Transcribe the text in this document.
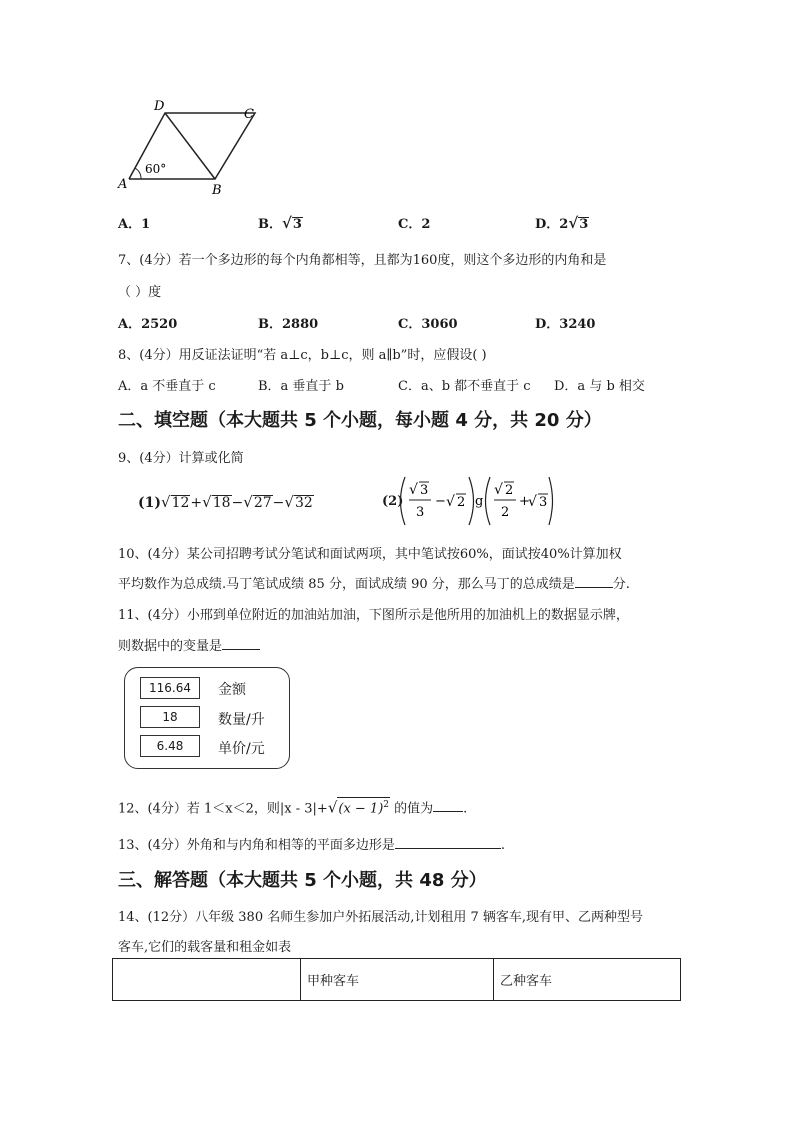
D
C
A	B
60°
A．1	B．√3	C．2	D．2√3
7、(4分）若一个多边形的每个内角都相等，且都为160度，则这个多边形的内角和是
（ ）度
A．2520	B．2880	C．3060	D．3240
8、(4分）用反证法证明“若 a⊥c，b⊥c，则 a∥b”时，应假设( )
A．a 不垂直于 c	B．a 垂直于 b	C．a、b 都不垂直于 c D．a 与 b 相交
二、填空题（本大题共 5 个小题，每小题 4 分，共 20 分）
9、(4分）计算或化简
(1)√12+√18−√27−√32	(2)
√ 3
3
− √ 2 g
√ 2
2
+
√ 3
10、(4分）某公司招聘考试分笔试和面试两项，其中笔试按60%，面试按40%计算加权
平均数作为总成绩.马丁笔试成绩 85 分，面试成绩 90 分，那么马丁的总成绩是	分.
11、(4分）小邢到单位附近的加油站加油，下图所示是他所用的加油机上的数据显示牌，
则数据中的变量是
116.64	金额
18	数量/升
6.48	单价/元
12、(4分）若 1＜x＜2，则$|x - 3|+√(x - 1)^2$ 的值为 .
13、(4分）外角和与内角和相等的平面多边形是	.
三、解答题（本大题共 5 个小题，共 48 分）
14、(12分）八年级 380 名师生参加户外拓展活动,计划租用 7 辆客车,现有甲、乙两种型号
客车,它们的载客量和租金如表
	甲种客车	乙种客车
